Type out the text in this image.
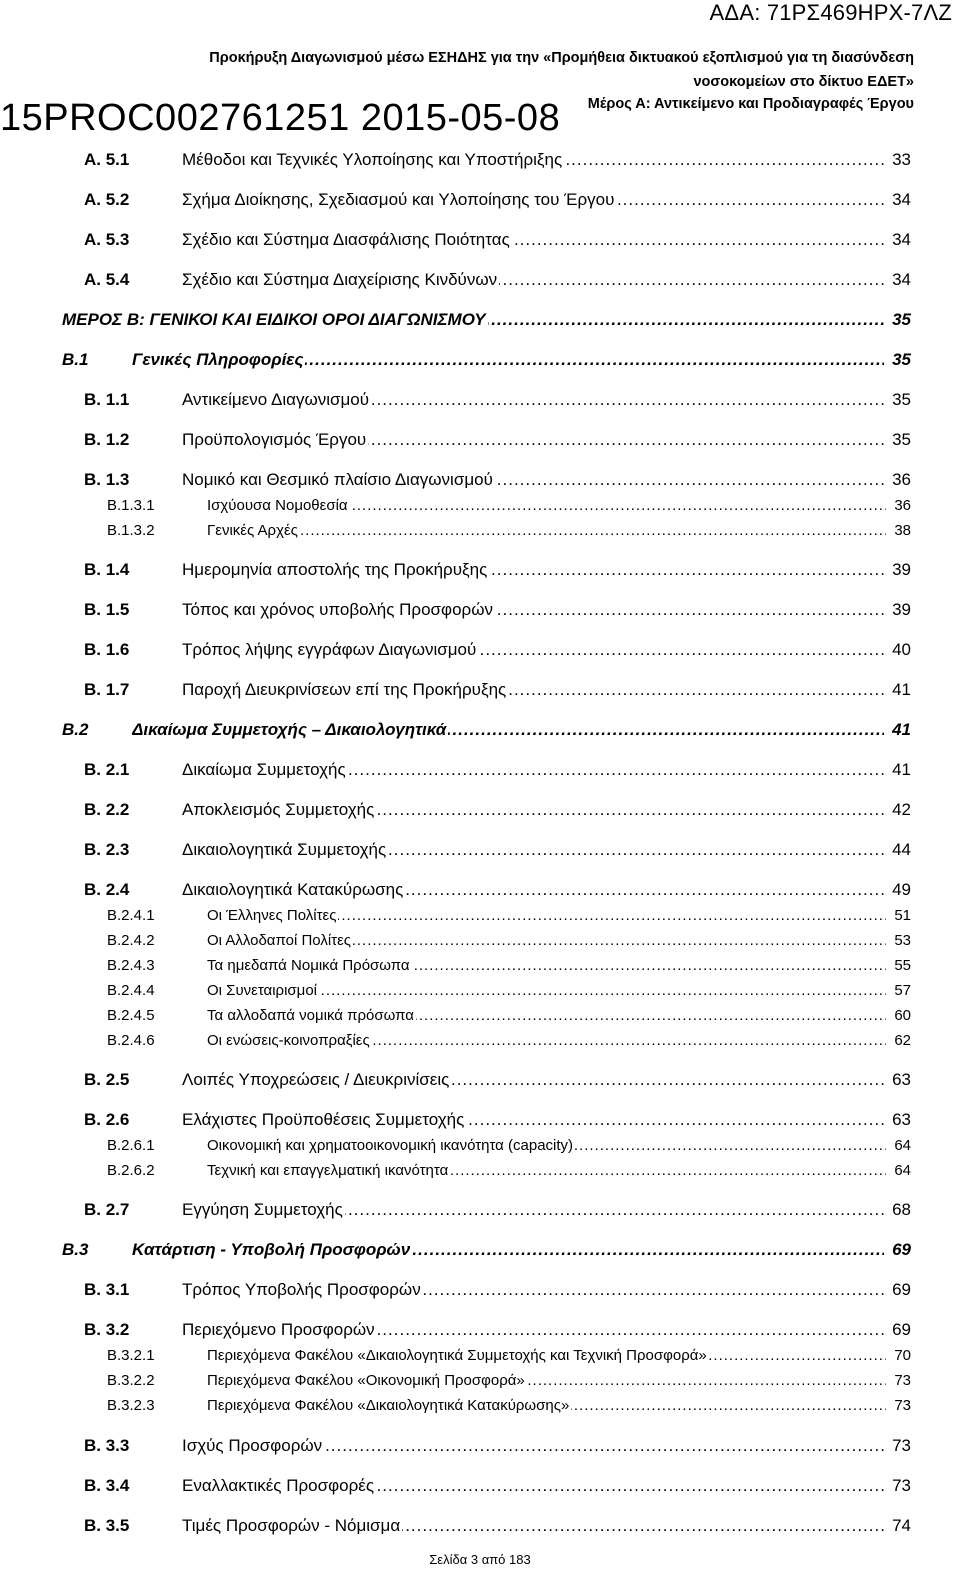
ΑΔΑ: 71ΡΣ469ΗΡΧ-7ΛΖ
Προκήρυξη Διαγωνισμού μέσω ΕΣΗΔΗΣ για την «Προμήθεια δικτυακού εξοπλισμού για τη διασύνδεση
νοσοκομείων στο δίκτυο ΕΔΕΤ»
15PROC002761251 2015-05-08 Μέρος Α: Αντικείμενο και Προδιαγραφές Έργου
Α. 5.1	Μέθοδοι και Τεχνικές Υλοποίησης και Υποστήριξης .....	33
Α. 5.2	Σχήμα Διοίκησης, Σχεδιασμού και Υλοποίησης του Έργου .....	34
Α. 5.3	Σχέδιο και Σύστημα Διασφάλισης Ποιότητας .....	34
Α. 5.4	Σχέδιο και Σύστημα Διαχείρισης Κινδύνων .....	34
ΜΕΡΟΣ Β: ΓΕΝΙΚΟΙ ΚΑΙ ΕΙΔΙΚΟΙ ΟΡΟΙ ΔΙΑΓΩΝΙΣΜΟΥ .....	35
Β.1	Γενικές Πληροφορίες .....	35
Β. 1.1	Αντικείμενο Διαγωνισμού .....	35
Β. 1.2	Προϋπολογισμός Έργου .....	35
Β. 1.3	Νομικό και Θεσμικό πλαίσιο Διαγωνισμού .....	36
Β.1.3.1	Ισχύουσα Νομοθεσία .....	36
Β.1.3.2	Γενικές Αρχές .....	38
Β. 1.4	Ημερομηνία αποστολής της Προκήρυξης .....	39
Β. 1.5	Τόπος και χρόνος υποβολής Προσφορών .....	39
Β. 1.6	Τρόπος λήψης εγγράφων Διαγωνισμού .....	40
Β. 1.7	Παροχή Διευκρινίσεων επί της Προκήρυξης .....	41
Β.2	Δικαίωμα Συμμετοχής – Δικαιολογητικά .....	41
Β. 2.1	Δικαίωμα Συμμετοχής .....	41
Β. 2.2	Αποκλεισμός Συμμετοχής .....	42
Β. 2.3	Δικαιολογητικά Συμμετοχής .....	44
Β. 2.4	Δικαιολογητικά Κατακύρωσης .....	49
Β.2.4.1	Οι Έλληνες Πολίτες .....	51
Β.2.4.2	Οι Αλλοδαποί Πολίτες .....	53
Β.2.4.3	Τα ημεδαπά Νομικά Πρόσωπα .....	55
Β.2.4.4	Οι Συνεταιρισμοί .....	57
Β.2.4.5	Τα αλλοδαπά νομικά πρόσωπα .....	60
Β.2.4.6	Οι ενώσεις-κοινοπραξίες .....	62
Β. 2.5	Λοιπές Υποχρεώσεις / Διευκρινίσεις .....	63
Β. 2.6	Ελάχιστες Προϋποθέσεις Συμμετοχής .....	63
Β.2.6.1	Οικονομική και χρηματοοικονομική ικανότητα (capacity) .....	64
Β.2.6.2	Τεχνική και επαγγελματική ικανότητα .....	64
Β. 2.7	Εγγύηση Συμμετοχής .....	68
Β.3	Κατάρτιση - Υποβολή Προσφορών .....	69
Β. 3.1	Τρόπος Υποβολής Προσφορών .....	69
Β. 3.2	Περιεχόμενο Προσφορών .....	69
Β.3.2.1	Περιεχόμενα Φακέλου «Δικαιολογητικά Συμμετοχής και Τεχνική Προσφορά» .....	70
Β.3.2.2	Περιεχόμενα Φακέλου «Οικονομική Προσφορά» .....	73
Β.3.2.3	Περιεχόμενα Φακέλου «Δικαιολογητικά Κατακύρωσης» .....	73
Β. 3.3	Ισχύς Προσφορών .....	73
Β. 3.4	Εναλλακτικές Προσφορές .....	73
Β. 3.5	Τιμές Προσφορών - Νόμισμα .....	74
Σελίδα 3 από 183
